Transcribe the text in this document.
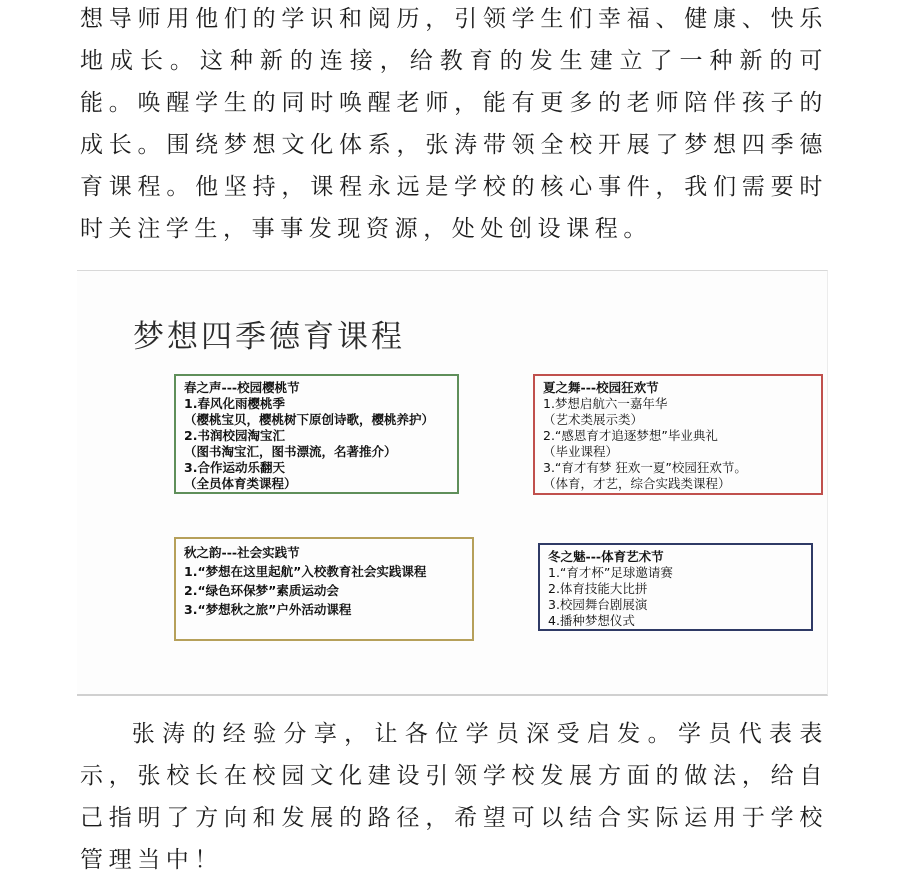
想导师用他们的学识和阅历，引领学生们幸福、健康、快乐地成长。这种新的连接，给教育的发生建立了一种新的可能。唤醒学生的同时唤醒老师，能有更多的老师陪伴孩子的成长。围绕梦想文化体系，张涛带领全校开展了梦想四季德育课程。他坚持，课程永远是学校的核心事件，我们需要时时关注学生，事事发现资源，处处创设课程。

梦想四季德育课程
春之声---校园樱桃节
1.春风化雨樱桃季
（樱桃宝贝，樱桃树下原创诗歌，樱桃养护）
2.书润校园淘宝汇
（图书淘宝汇，图书漂流，名著推介）
3.合作运动乐翻天
（全员体育类课程）
夏之舞---校园狂欢节
1.梦想启航六一嘉年华
（艺术类展示类）
2.“感恩育才追逐梦想”毕业典礼
（毕业课程）
3.“育才有梦 狂欢一夏”校园狂欢节。
（体育，才艺，综合实践类课程）
秋之韵---社会实践节
1.“梦想在这里起航”入校教育社会实践课程
2.“绿色环保梦”素质运动会
3.“梦想秋之旅”户外活动课程
冬之魅---体育艺术节
1.“育才杯”足球邀请赛
2.体育技能大比拼
3.校园舞台剧展演
4.播种梦想仪式

张涛的经验分享，让各位学员深受启发。学员代表表示，张校长在校园文化建设引领学校发展方面的做法，给自己指明了方向和发展的路径，希望可以结合实际运用于学校管理当中！
